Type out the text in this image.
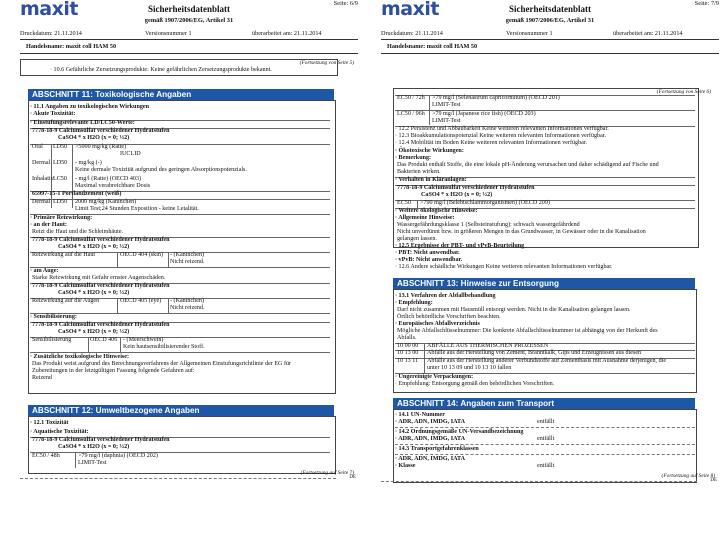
maxit	Seite: 6/9
Sicherheitsdatenblatt
gemäß 1907/2006/EG, Artikel 31
Druckdatum: 21.11.2014	Versionsnummer 1	überarbeitet am: 21.11.2014
Handelsname: maxit coll HAM 50
(Fortsetzung von Seite 5)
· 10.6 Gefährliche Zersetzungsprodukte: Keine gefährlichen Zersetzungsprodukte bekannt.
ABSCHNITT 11: Toxikologische Angaben
· 11.1 Angaben zu toxikologischen Wirkungen
· Akute Toxizität:
· Einstufungsrelevante LD/LC50-Werte:
7778-18-9 Calciumsulfat verschiedener Hydratstufen
CaSO4 * x H2O (x = 0; ½2)
Oral LD50 >5000 mg/kg (Ratte)
IUCLID
Dermal LD50 - mg/kg (-)
Keine dermale Toxizität aufgrund des geringen Absorptionspotenzials.
Inhalativ LC50 - mg/l (Ratte) (OECD 403)
Maximal verabreichbare Dosis
65997-15-1 Portlandzement (weiß)
Dermal LD50 2000 mg/kg (Kaninchen)
Limit Test;24 Stunden Exposition - keine Letalität.
· Primäre Reizwirkung:
· an der Haut:
Reizt die Haut und die Schleimhäute.
7778-18-9 Calciumsulfat verschiedener Hydratstufen
CaSO4 * x H2O (x = 0; ½2)
Reizwirkung auf die Haut	OECD 404 (skin) - (Kaninchen)
Nicht reizend.
· am Auge:
Starke Reizwirkung mit Gefahr ernster Augenschäden.
7778-18-9 Calciumsulfat verschiedener Hydratstufen
CaSO4 * x H2O (x = 0; ½2)
Reizwirkung auf die Augen	OECD 405 (eye) - (Kaninchen)
Nicht reizend.
· Sensibilisierung:
7778-18-9 Calciumsulfat verschiedener Hydratstufen
CaSO4 * x H2O (x = 0; ½2)
Sensibilisierung	OECD 406 - (Meerschwein)
Kein hautsensibilisierender Stoff.
· Zusätzliche toxikologische Hinweise:
Das Produkt weist aufgrund des Berechnungsverfahrens der Allgemeinen Einstufungsrichtlinie der EG für
Zubereitungen in der letztgültigen Fassung folgende Gefahren auf:
Reizend
ABSCHNITT 12: Umweltbezogene Angaben
· 12.1 Toxizität
· Aquatische Toxizität:
7778-18-9 Calciumsulfat verschiedener Hydratstufen
CaSO4 * x H2O (x = 0; ½2)
EC50 / 48h	>79 mg/l (daphnia) (OECD 202)
LIMIT-Test
(Fortsetzung auf Seite 7)
DE
maxit	Seite: 7/9
Sicherheitsdatenblatt
gemäß 1907/2006/EG, Artikel 31
Druckdatum: 21.11.2014	Versionsnummer 1	überarbeitet am: 21.11.2014
Handelsname: maxit coll HAM 50
(Fortsetzung von Seite 6)
EC50 / 72h >79 mg/l (Selenastrum capricornutum) (OECD 201)
LIMIT-Test
LC50 / 96h >79 mg/l (Japanese rice fish) (OECD 203)
LIMIT-Test
· 12.2 Persistenz und Abbaubarkeit Keine weiteren relevanten Informationen verfügbar.
· 12.3 Bioakkumulationspotenzial Keine weiteren relevanten Informationen verfügbar.
· 12.4 Mobilität im Boden Keine weiteren relevanten Informationen verfügbar.
· Ökotoxische Wirkungen:
· Bemerkung:
Das Produkt enthält Stoffe, die eine lokale pH-Änderung verursachen und daher schädigend auf Fische und
Bakterien wirken.
· Verhalten in Kläranlagen:
7778-18-9 Calciumsulfat verschiedener Hydratstufen
CaSO4 * x H2O (x = 0; ½2)
EC50 >790 mg/l (Belebtschlammorganismen) (OECD 209)
· Weitere ökologische Hinweise:
· Allgemeine Hinweise:
Wassergefährdungsklasse 1 (Selbsteinstufung): schwach wassergefährdend
Nicht unverdünnt bzw. in größeren Mengen in das Grundwasser, in Gewässer oder in die Kanalisation
gelangen lassen.
· 12.5 Ergebnisse der PBT- und vPvB-Beurteilung
· PBT: Nicht anwendbar.
· vPvB: Nicht anwendbar.
· 12.6 Andere schädliche Wirkungen Keine weiteren relevanten Informationen verfügbar.
ABSCHNITT 13: Hinweise zur Entsorgung
· 13.1 Verfahren der Abfallbehandlung
· Empfehlung:
Darf nicht zusammen mit Hausmüll entsorgt werden. Nicht in die Kanalisation gelangen lassen.
Örtlich behördliche Vorschriften beachten.
· Europäisches Abfallverzeichnis
Mögliche Abfallschlüsselnummer: Die konkrete Abfallschlüsselnummer ist abhängig von der Herkunft des
Abfalls.
10 00 00 ABFÄLLE AUS THERMISCHEN PROZESSEN
10 13 00 Abfälle aus der Herstellung von Zement, Branntkalk, Gips und Erzeugnissen aus diesen
10 13 11 Abfälle aus der Herstellung anderer Verbundstoffe auf Zementbasis mit Ausnahme derjenigen, die
unter 10 13 09 und 10 13 10 fallen
· Ungereinigte Verpackungen:
· Empfehlung: Entsorgung gemäß den behördlichen Vorschriften.
ABSCHNITT 14: Angaben zum Transport
· 14.1 UN-Nummer
· ADR, ADN, IMDG, IATA	entfällt
· 14.2 Ordnungsgemäße UN-Versandbezeichnung
· ADR, ADN, IMDG, IATA	entfällt
· 14.3 Transportgefahrenklassen
· ADR, ADN, IMDG, IATA
· Klasse	entfällt
(Fortsetzung auf Seite 8)
DE
